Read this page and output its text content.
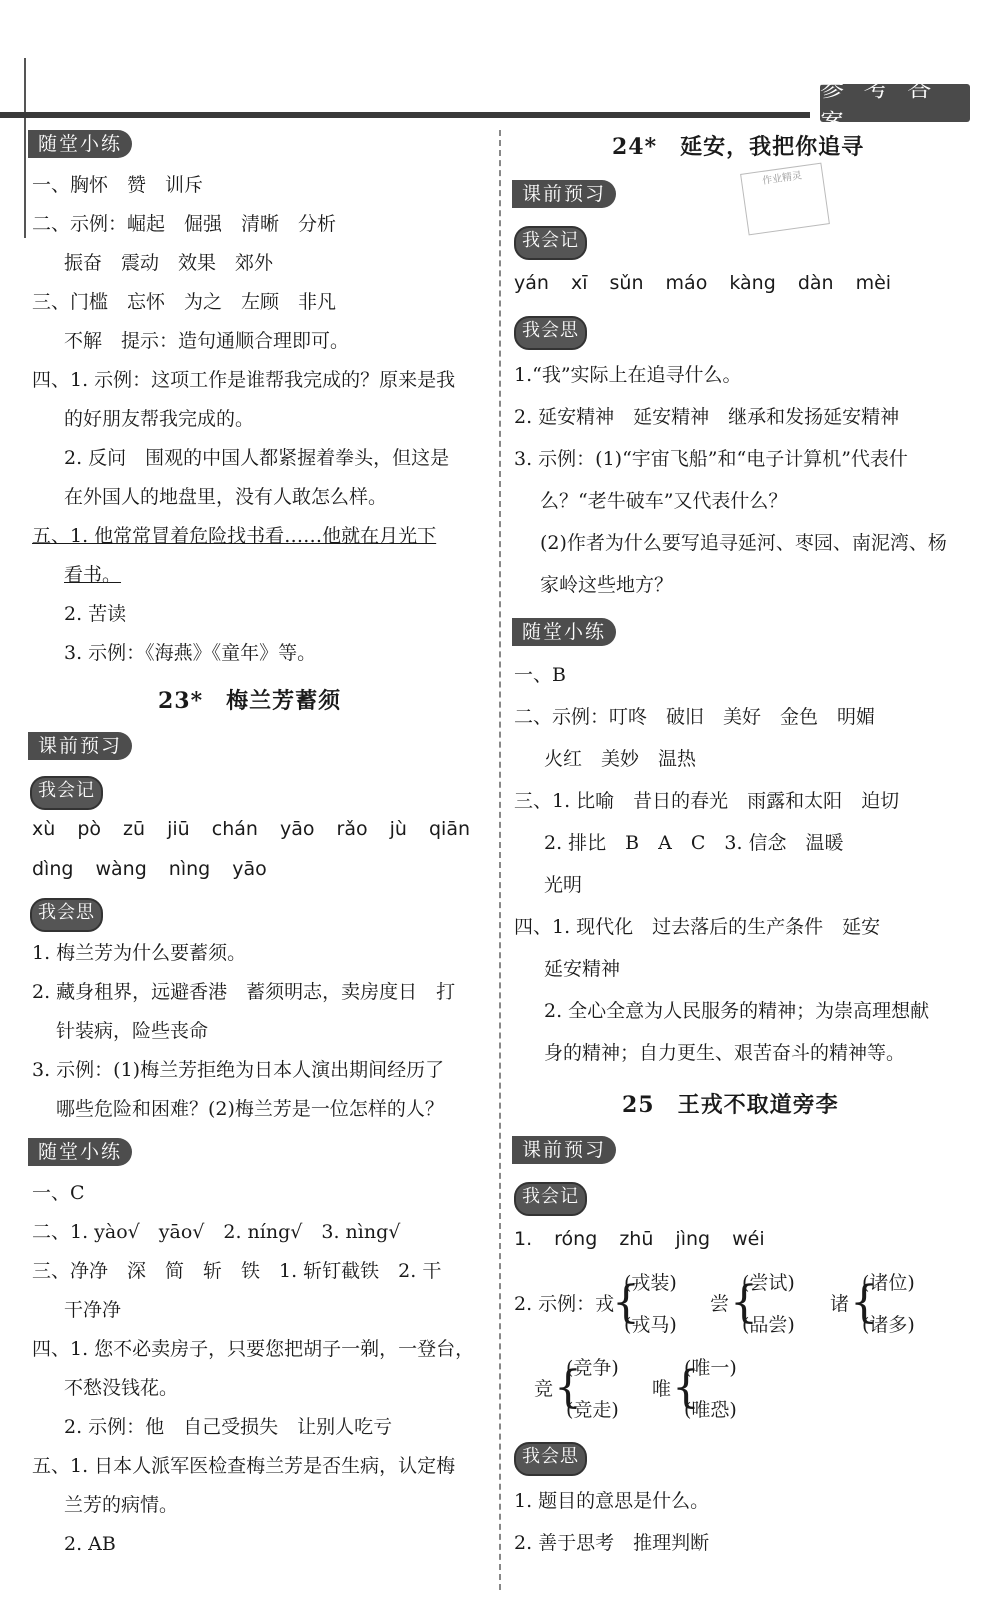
参 考 答 案
随堂小练
一、胸怀　赞　训斥
二、示例：崛起　倔强　清晰　分析
振奋　震动　效果　郊外
三、门槛　忘怀　为之　左顾　非凡
不解　提示：造句通顺合理即可。
四、1. 示例：这项工作是谁帮我完成的？原来是我
的好朋友帮我完成的。
2. 反问　围观的中国人都紧握着拳头，但这是
在外国人的地盘里，没有人敢怎么样。
五、1. 他常常冒着危险找书看……他就在月光下
看书。
2. 苦读
3. 示例：《海燕》《童年》等。
23*　梅兰芳蓄须
课前预习
我会记
xù pò zū jiū chán yāo rǎo jù qiān
dìng wàng nìng yāo
我会思
1. 梅兰芳为什么要蓄须。
2. 藏身租界，远避香港　蓄须明志，卖房度日　打
针装病，险些丧命
3. 示例：(1)梅兰芳拒绝为日本人演出期间经历了
哪些危险和困难？(2)梅兰芳是一位怎样的人？
随堂小练
一、C
二、1. yào√　yāo√　2. níng√　3. nìng√
三、净净　深　简　斩　铁　1. 斩钉截铁　2. 干
干净净
四、1. 您不必卖房子，只要您把胡子一剃，一登台，
不愁没钱花。
2. 示例：他　自己受损失　让别人吃亏
五、1. 日本人派军医检查梅兰芳是否生病，认定梅
兰芳的病情。
2. AB
24*　延安，我把你追寻
作业精灵
课前预习
我会记
yán xī sǔn máo kàng dàn mèi
我会思
1.“我”实际上在追寻什么。
2. 延安精神　延安精神　继承和发扬延安精神
3. 示例：(1)“宇宙飞船”和“电子计算机”代表什
么？“老牛破车”又代表什么？
(2)作者为什么要写追寻延河、枣园、南泥湾、杨
家岭这些地方？
随堂小练
一、B
二、示例：叮咚　破旧　美好　金色　明媚
火红　美妙　温热
三、1. 比喻　昔日的春光　雨露和太阳　迫切
2. 排比　B　A　C　3. 信念　温暖
光明
四、1. 现代化　过去落后的生产条件　延安
延安精神
2. 全心全意为人民服务的精神；为崇高理想献
身的精神；自力更生、艰苦奋斗的精神等。
25　王戎不取道旁李
课前预习
我会记
1. róng zhū jìng wéi
2. 示例：戎
{
(戎装)
(戎马)
尝 {
(尝试)
(品尝)
诸 {
(诸位)
(诸多)
竞 {
(竞争)
(竞走)
唯 {
(唯一)
(唯恐)
我会思
1. 题目的意思是什么。
2. 善于思考　推理判断
